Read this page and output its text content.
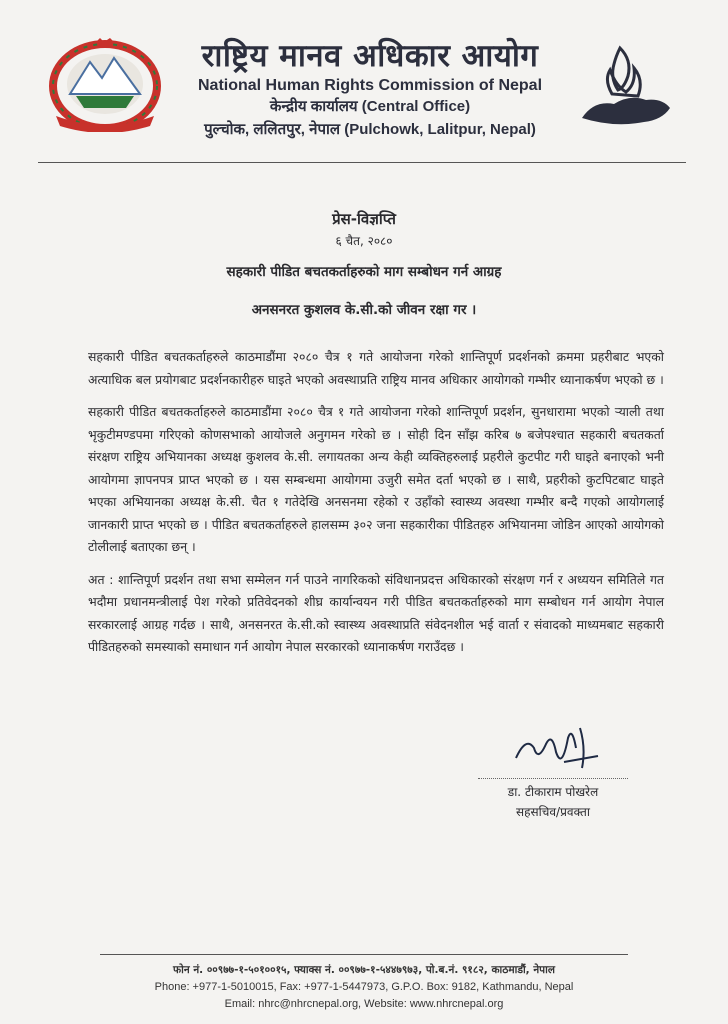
राष्ट्रिय मानव अधिकार आयोग
National Human Rights Commission of Nepal
केन्द्रीय कार्यालय (Central Office)
पुल्चोक, ललितपुर, नेपाल (Pulchowk, Lalitpur, Nepal)
प्रेस-विज्ञप्ति
६ चैत, २०८०
सहकारी पीडित बचतकर्ताहरुको माग सम्बोधन गर्न आग्रह
अनसनरत कुशलव के.सी.को जीवन रक्षा गर ।

सहकारी पीडित बचतकर्ताहरुले काठमाडौंमा २०८० चैत्र १ गते आयोजना गरेको शान्तिपूर्ण प्रदर्शनको क्रममा प्रहरीबाट भएको अत्याधिक बल प्रयोगबाट प्रदर्शनकारीहरु घाइते भएको अवस्थाप्रति राष्ट्रिय मानव अधिकार आयोगको गम्भीर ध्यानाकर्षण भएको छ ।

सहकारी पीडित बचतकर्ताहरुले काठमाडौंमा २०८० चैत्र १ गते आयोजना गरेको शान्तिपूर्ण प्रदर्शन, सुनधारामा भएको र्‍याली तथा भृकुटीमण्डपमा गरिएको कोणसभाको आयोजले अनुगमन गरेको छ । सोही दिन साँझ करिब ७ बजेपश्चात सहकारी बचतकर्ता संरक्षण राष्ट्रिय अभियानका अध्यक्ष कुशलव के.सी. लगायतका अन्य केही व्यक्तिहरुलाई प्रहरीले कुटपीट गरी घाइते बनाएको भनी आयोगमा ज्ञापनपत्र प्राप्त भएको छ । यस सम्बन्धमा आयोगमा उजुरी समेत दर्ता भएको छ । साथै, प्रहरीको कुटपिटबाट घाइते भएका अभियानका अध्यक्ष के.सी. चैत १ गतेदेखि अनसनमा रहेको र उहाँको स्वास्थ्य अवस्था गम्भीर बन्दै गएको आयोगलाई जानकारी प्राप्त भएको छ । पीडित बचतकर्ताहरुले हालसम्म ३०२ जना सहकारीका पीडितहरु अभियानमा जोडिन आएको आयोगको टोलीलाई बताएका छन् ।

अत : शान्तिपूर्ण प्रदर्शन तथा सभा सम्मेलन गर्न पाउने नागरिकको संविधानप्रदत्त अधिकारको संरक्षण गर्न र अध्ययन समितिले गत भदौमा प्रधानमन्त्रीलाई पेश गरेको प्रतिवेदनको शीघ्र कार्यान्वयन गरी पीडित बचतकर्ताहरुको माग सम्बोधन गर्न आयोग नेपाल सरकारलाई आग्रह गर्दछ । साथै, अनसनरत के.सी.को स्वास्थ्य अवस्थाप्रति संवेदनशील भई वार्ता र संवादको माध्यमबाट सहकारी पीडितहरुको समस्याको समाधान गर्न आयोग नेपाल सरकारको ध्यानाकर्षण गराउँदछ ।

डा. टीकाराम पोखरेल
सहसचिव/प्रवक्ता
फोन नं. ००९७७-१-५०१००१५, फ्याक्स नं. ००९७७-१-५४४७९७३, पो.ब.नं. ९१८२, काठमाडौं, नेपाल
Phone: +977-1-5010015, Fax: +977-1-5447973, G.P.O. Box: 9182, Kathmandu, Nepal
Email: nhrc@nhrcnepal.org, Website: www.nhrcnepal.org
